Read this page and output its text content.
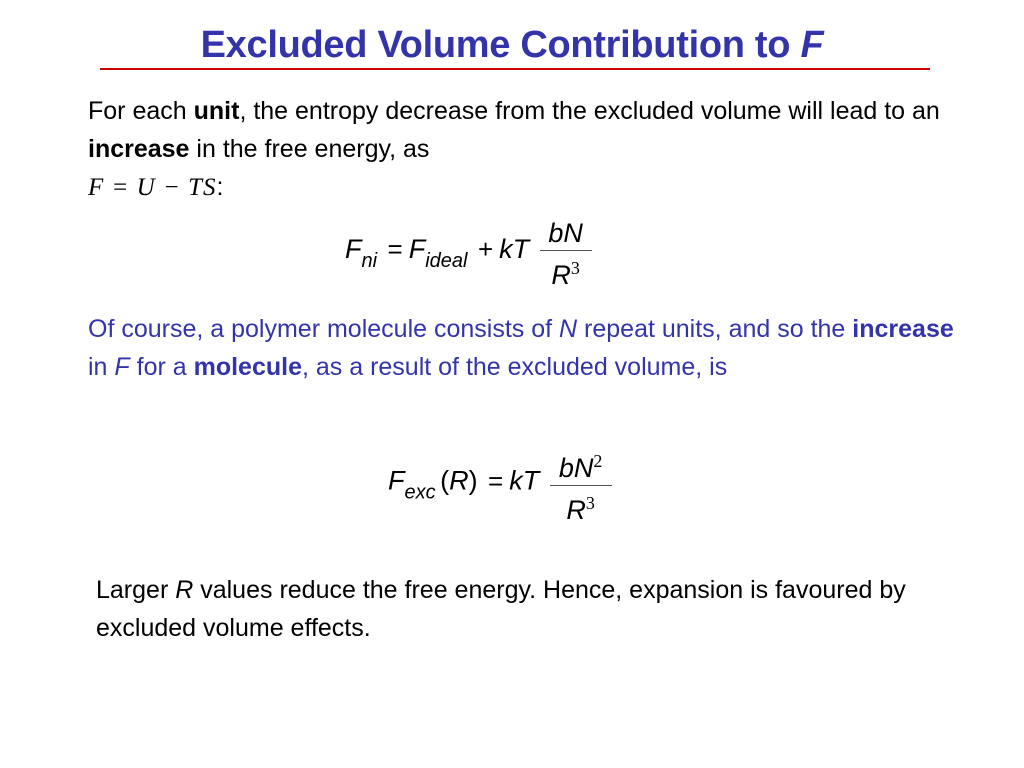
Excluded Volume Contribution to F
For each unit, the entropy decrease from the excluded volume will lead to an increase in the free energy, as
F = U − TS:
Fni = Fideal + kT $\frac{bN}{R^3}$
Of course, a polymer molecule consists of N repeat units, and so the increase in F for a molecule, as a result of the excluded volume, is
Fexc (R) = kT $\frac{bN^2}{R^3}$
Larger R values reduce the free energy. Hence, expansion is favoured by excluded volume effects.
